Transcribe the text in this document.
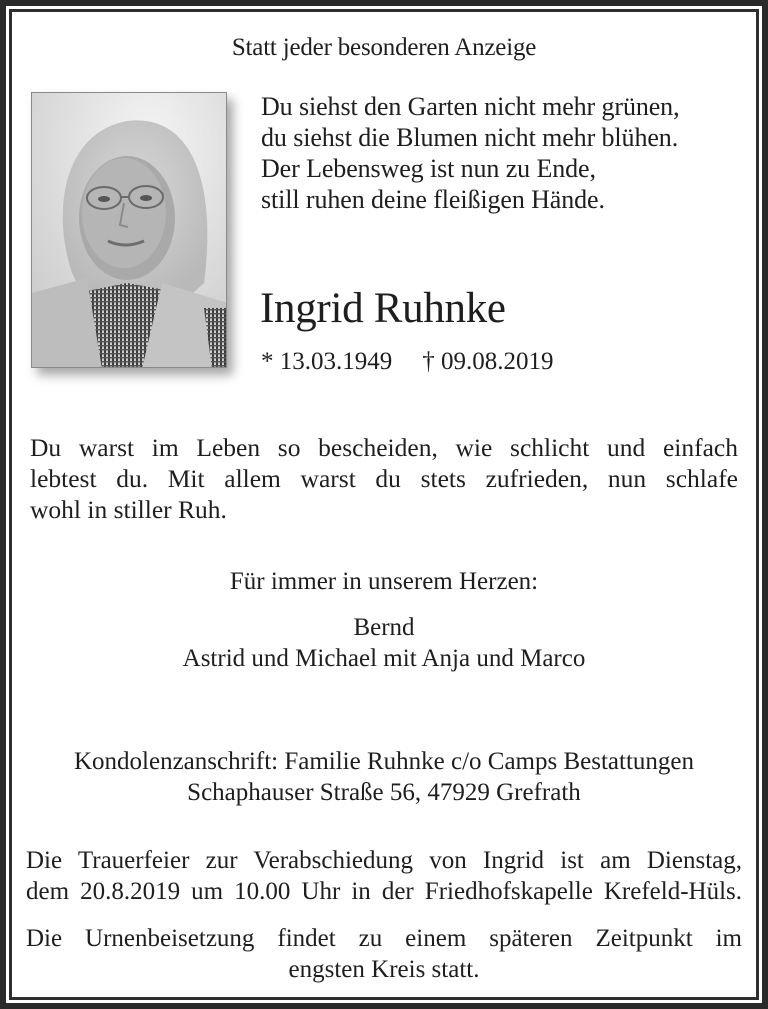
Statt jeder besonderen Anzeige
Du siehst den Garten nicht mehr grünen,
du siehst die Blumen nicht mehr blühen.
Der Lebensweg ist nun zu Ende,
still ruhen deine fleißigen Hände.
Ingrid Ruhnke
* 13.03.1949 † 09.08.2019
Du warst im Leben so bescheiden, wie schlicht und einfach
lebtest du. Mit allem warst du stets zufrieden, nun schlafe
wohl in stiller Ruh.
Für immer in unserem Herzen:
Bernd
Astrid und Michael mit Anja und Marco
Kondolenzanschrift: Familie Ruhnke c/o Camps Bestattungen
Schaphauser Straße 56, 47929 Grefrath
Die Trauerfeier zur Verabschiedung von Ingrid ist am Dienstag,
dem 20.8.2019 um 10.00 Uhr in der Friedhofskapelle Krefeld-Hüls.
Die Urnenbeisetzung findet zu einem späteren Zeitpunkt im
engsten Kreis statt.
